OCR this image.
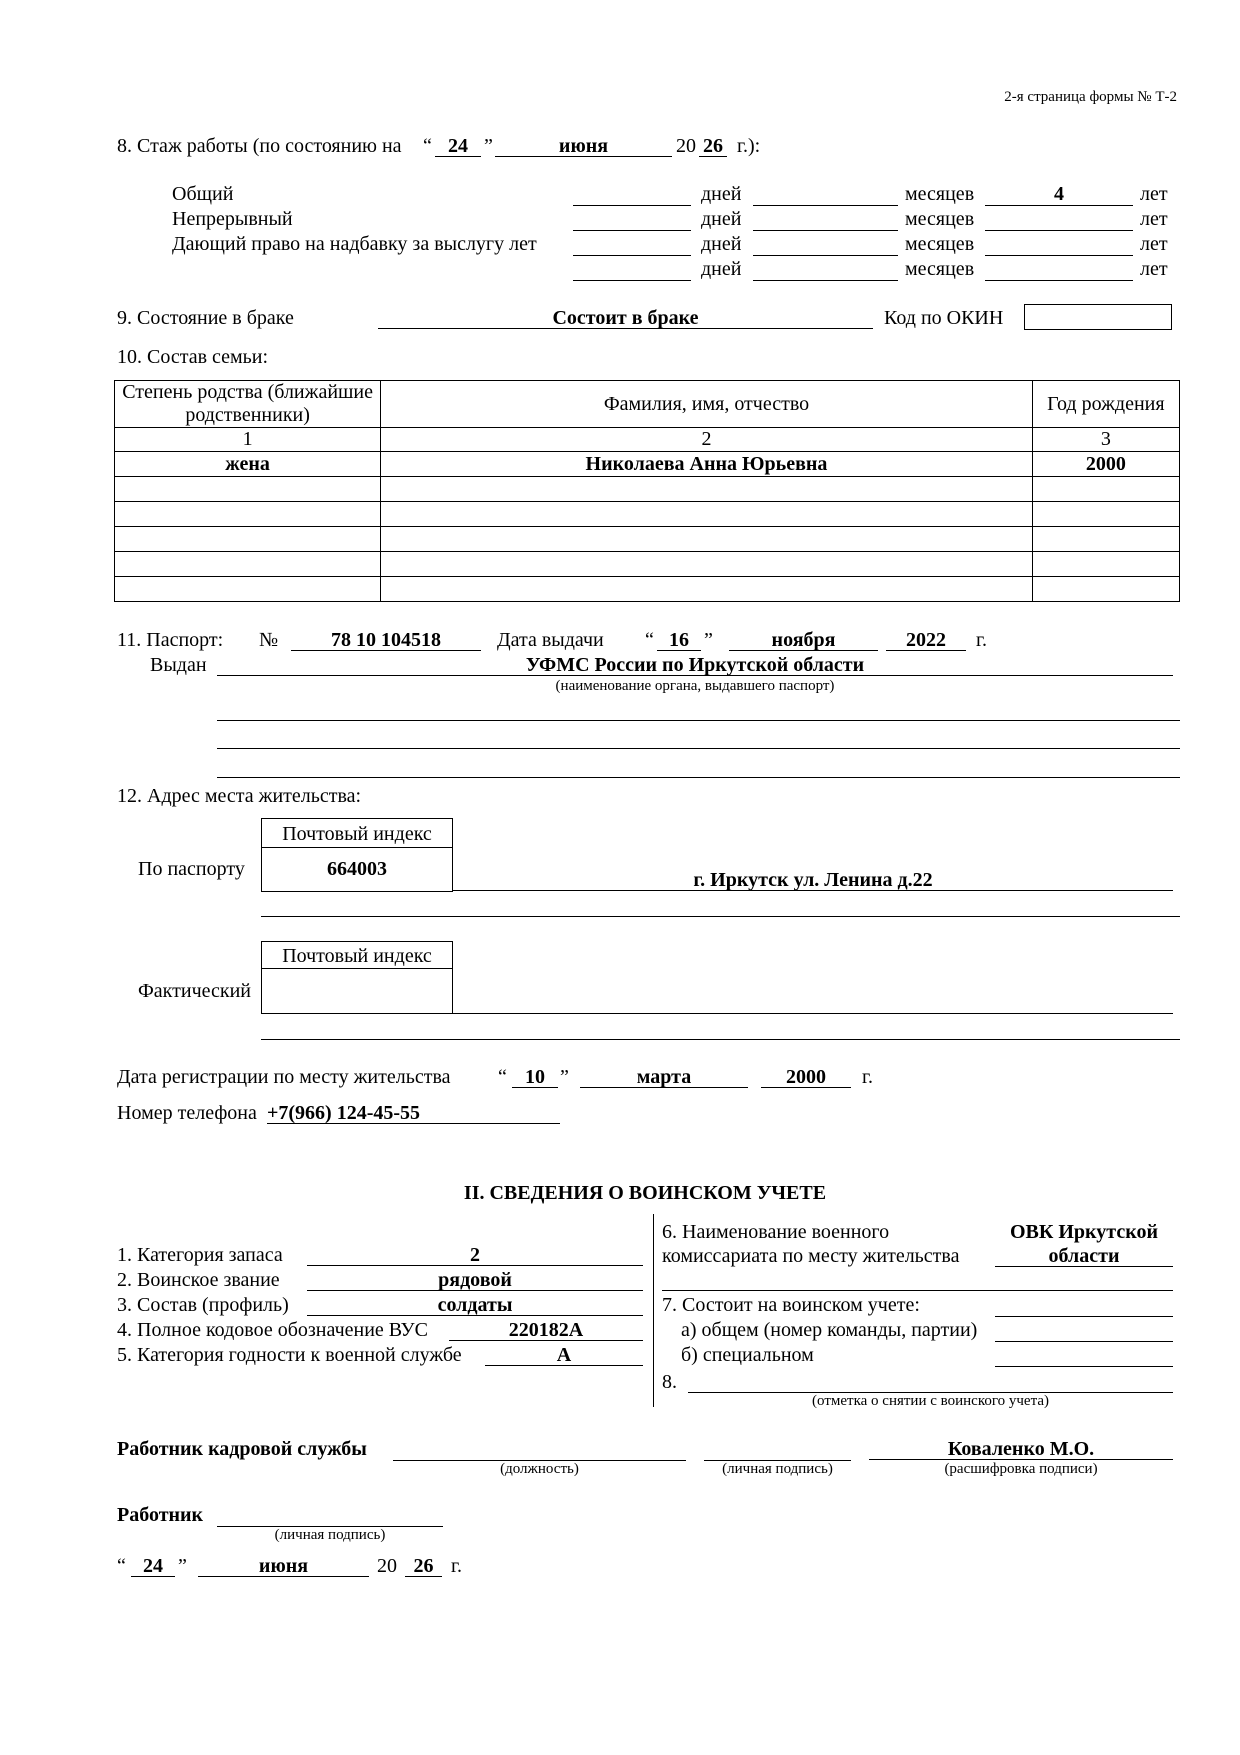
2-я страница формы № Т-2
8. Стаж работы (по состоянию на “ 24 ”	июня	20 26 г.):
Общий	дней	месяцев	4	лет
Непрерывный	дней	месяцев	лет
Дающий право на надбавку за выслугу лет	дней	месяцев	лет
дней	месяцев	лет
9. Состояние в браке	Состоит в браке	Код по ОКИН
10. Состав семьи:
Степень родства (ближайшие родственники)	Фамилия, имя, отчество	Год рождения
1	2	3
жена	Николаева Анна Юрьевна	2000

11. Паспорт: №	78 10 104518	Дата выдачи “ 16 ”	ноября	2022	г.
Выдан	УФМС России по Иркутской области
(наименование органа, выдавшего паспорт)
12. Адрес места жительства:
Почтовый индекс
664003
По паспорту	г. Иркутск ул. Ленина д.22
Почтовый индекс
Фактический
Дата регистрации по месту жительства “ 10 ”	марта	2000	г.
Номер телефона +7(966) 124-45-55
II. СВЕДЕНИЯ О ВОИНСКОМ УЧЕТЕ
1. Категория запаса	2
2. Воинское звание	рядовой
3. Состав (профиль)	солдаты
4. Полное кодовое обозначение ВУС	220182А
5. Категория годности к военной службе	А
6. Наименование военного
комиссариата по месту жительства
ОВК Иркутской
области
7. Состоит на воинском учете:
а) общем (номер команды, партии)
б) специальном
8.
(отметка о снятии с воинского учета)
Работник кадровой службы
(должность)	(личная подпись)
Коваленко М.О.
(расшифровка подписи)
Работник
(личная подпись)
“ 24 ”	июня	20 26 г.
